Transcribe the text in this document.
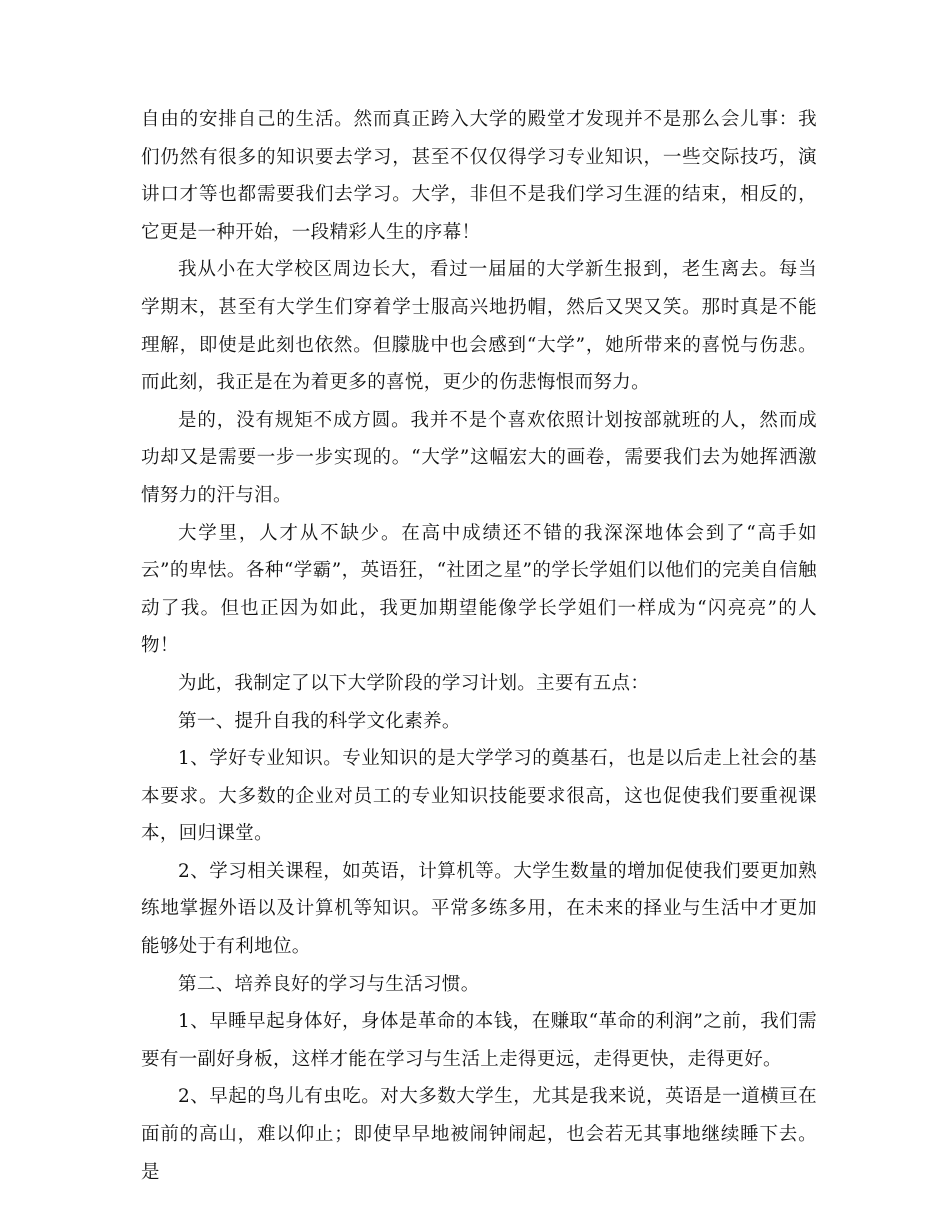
自由的安排自己的生活。然而真正跨入大学的殿堂才发现并不是那么会儿事：我们仍然有很多的知识要去学习，甚至不仅仅得学习专业知识，一些交际技巧，演讲口才等也都需要我们去学习。大学，非但不是我们学习生涯的结束，相反的，它更是一种开始，一段精彩人生的序幕！

我从小在大学校区周边长大，看过一届届的大学新生报到，老生离去。每当学期末，甚至有大学生们穿着学士服高兴地扔帽，然后又哭又笑。那时真是不能理解，即使是此刻也依然。但朦胧中也会感到“大学”，她所带来的喜悦与伤悲。而此刻，我正是在为着更多的喜悦，更少的伤悲悔恨而努力。

是的，没有规矩不成方圆。我并不是个喜欢依照计划按部就班的人，然而成功却又是需要一步一步实现的。“大学”这幅宏大的画卷，需要我们去为她挥洒激情努力的汗与泪。

大学里，人才从不缺少。在高中成绩还不错的我深深地体会到了“高手如云”的卑怯。各种“学霸”，英语狂，“社团之星”的学长学姐们以他们的完美自信触动了我。但也正因为如此，我更加期望能像学长学姐们一样成为“闪亮亮”的人物！

为此，我制定了以下大学阶段的学习计划。主要有五点：

第一、提升自我的科学文化素养。

1、学好专业知识。专业知识的是大学学习的奠基石，也是以后走上社会的基本要求。大多数的企业对员工的专业知识技能要求很高，这也促使我们要重视课本，回归课堂。

2、学习相关课程，如英语，计算机等。大学生数量的增加促使我们要更加熟练地掌握外语以及计算机等知识。平常多练多用，在未来的择业与生活中才更加能够处于有利地位。

第二、培养良好的学习与生活习惯。

1、早睡早起身体好，身体是革命的本钱，在赚取“革命的利润”之前，我们需要有一副好身板，这样才能在学习与生活上走得更远，走得更快，走得更好。

2、早起的鸟儿有虫吃。对大多数大学生，尤其是我来说，英语是一道横亘在面前的高山，难以仰止；即使早早地被闹钟闹起，也会若无其事地继续睡下去。是
